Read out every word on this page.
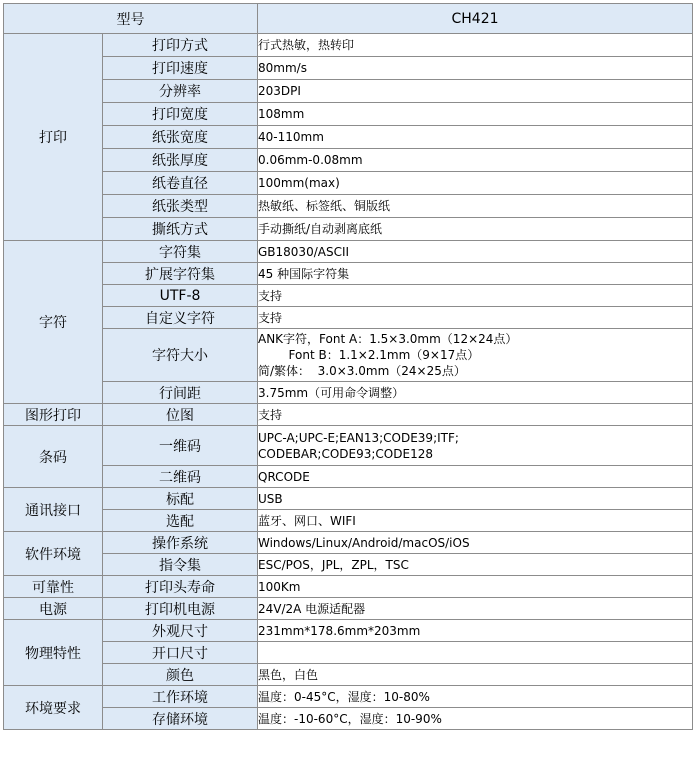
型号		CH421
打印	打印方式	行式热敏，热转印
	打印速度	80mm/s
	分辨率	203DPI
	打印宽度	108mm
	纸张宽度	40-110mm
	纸张厚度	0.06mm-0.08mm
	纸卷直径	100mm(max)
	纸张类型	热敏纸、标签纸、铜版纸
	撕纸方式	手动撕纸/自动剥离底纸
字符	字符集	GB18030/ASCII
	扩展字符集	45 种国际字符集
	UTF-8	支持
	自定义字符	支持
	字符大小	ANK字符，Font A：1.5×3.0mm（12×24点）
Font B：1.1×2.1mm（9×17点）
简/繁体：  3.0×3.0mm（24×25点）

	行间距	3.75mm（可用命令调整）
图形打印	位图	支持
条码	一维码	UPC-A;UPC-E;EAN13;CODE39;ITF;
CODEBAR;CODE93;CODE128

	二维码	QRCODE
通讯接口	标配	USB
	选配	蓝牙、网口、WIFI
软件环境	操作系统	Windows/Linux/Android/macOS/iOS
	指令集	ESC/POS，JPL，ZPL，TSC
可靠性	打印头寿命	100Km
电源	打印机电源	24V/2A 电源适配器
物理特性	外观尺寸	231mm*178.6mm*203mm
	开口尺寸	
	颜色	黑色，白色
环境要求	工作环境	温度：0-45°C，湿度：10-80%
	存储环境	温度：-10-60°C，湿度：10-90%
